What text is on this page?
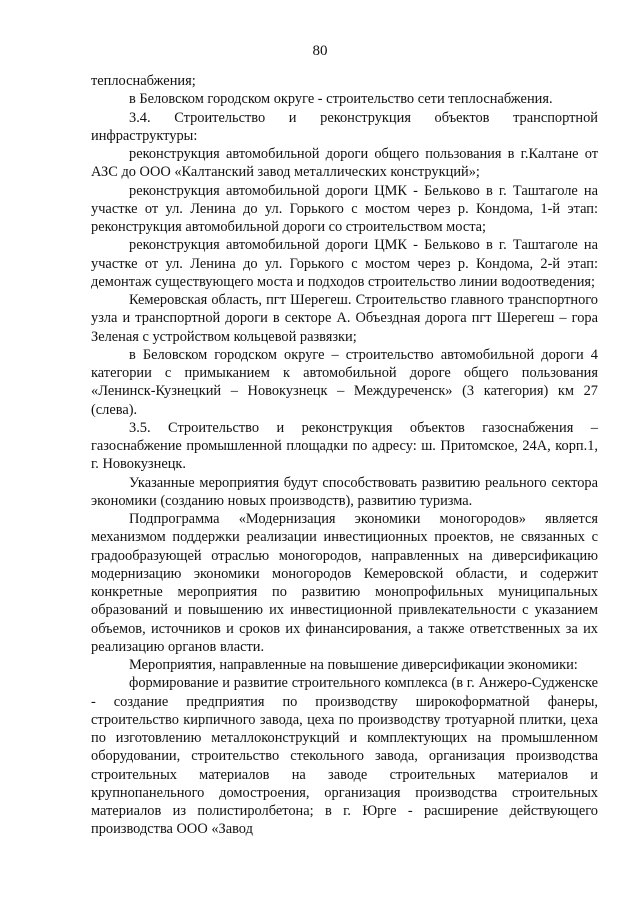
80

теплоснабжения;

в Беловском городском округе - строительство сети теплоснабжения.

3.4. Строительство и реконструкция объектов транспортной инфраструктуры:

реконструкция автомобильной дороги общего пользования в г.Калтане от АЗС до ООО «Калтанский завод металлических конструкций»;

реконструкция автомобильной дороги ЦМК - Бельково в г. Таштаголе на участке от ул. Ленина до ул. Горького с мостом через р. Кондома, 1-й этап: реконструкция автомобильной дороги со строительством моста;

реконструкция автомобильной дороги ЦМК - Бельково в г. Таштаголе на участке от ул. Ленина до ул. Горького с мостом через р. Кондома, 2-й этап: демонтаж существующего моста и подходов строительство линии водоотведения;

Кемеровская область, пгт Шерегеш. Строительство главного транспортного узла и транспортной дороги в секторе А. Объездная дорога пгт Шерегеш – гора Зеленая с устройством кольцевой развязки;

в Беловском городском округе – строительство автомобильной дороги 4 категории с примыканием к автомобильной дороге общего пользования «Ленинск-Кузнецкий – Новокузнецк – Междуреченск» (3 категория) км 27 (слева).

3.5. Строительство и реконструкция объектов газоснабжения – газоснабжение промышленной площадки по адресу: ш. Притомское, 24А, корп.1, г. Новокузнецк.

Указанные мероприятия будут способствовать развитию реального сектора экономики (созданию новых производств), развитию туризма.

Подпрограмма «Модернизация экономики моногородов» является механизмом поддержки реализации инвестиционных проектов, не связанных с градообразующей отраслью моногородов, направленных на диверсификацию модернизацию экономики моногородов Кемеровской области, и содержит конкретные мероприятия по развитию монопрофильных муниципальных образований и повышению их инвестиционной привлекательности с указанием объемов, источников и сроков их финансирования, а также ответственных за их реализацию органов власти.

Мероприятия, направленные на повышение диверсификации экономики:

формирование и развитие строительного комплекса (в г. Анжеро-Судженске - создание предприятия по производству широкоформатной фанеры, строительство кирпичного завода, цеха по производству тротуарной плитки, цеха по изготовлению металлоконструкций и комплектующих на промышленном оборудовании, строительство стекольного завода, организация производства строительных материалов на заводе строительных материалов и крупнопанельного домостроения, организация производства строительных материалов из полистиролбетона; в г. Юрге - расширение действующего производства ООО «Завод
